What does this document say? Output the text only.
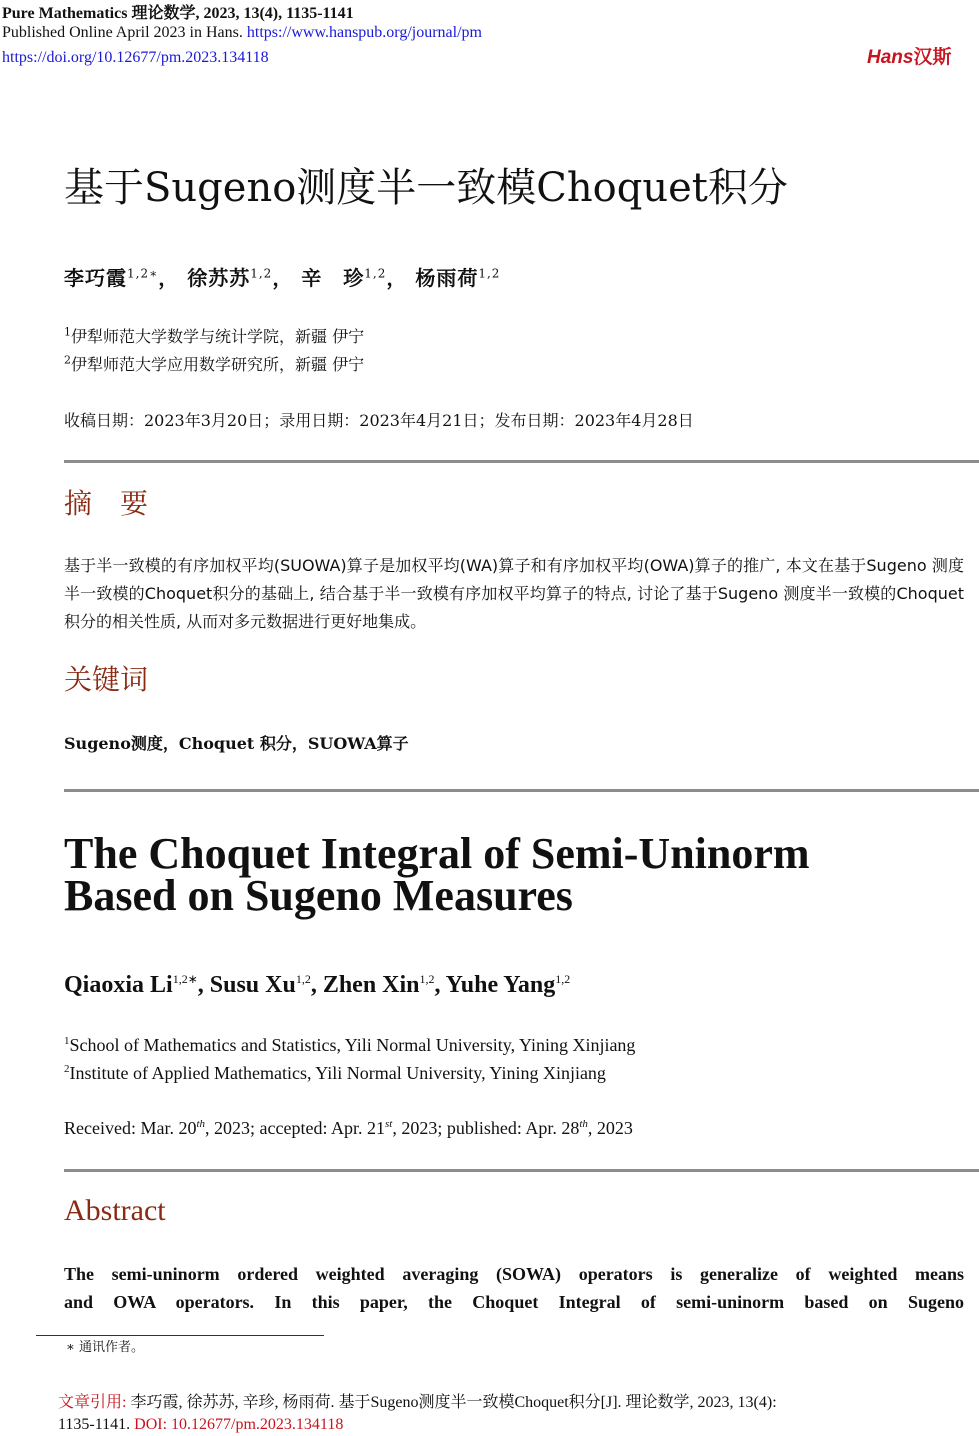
Pure Mathematics 理论数学, 2023, 13(4), 1135-1141
Published Online April 2023 in Hans. https://www.hanspub.org/journal/pm
https://doi.org/10.12677/pm.2023.134118	Hans汉斯
基于Sugeno测度半一致模Choquet积分
李巧霞$^{1,2∗}$， 徐苏苏$^{1,2}$， 辛　珍$^{1,2}$， 杨雨荷$^{1,2}$
$^1$伊犁师范大学数学与统计学院，新疆 伊宁
$^2$伊犁师范大学应用数学研究所，新疆 伊宁
收稿日期：2023年3月20日；录用日期：2023年4月21日；发布日期：2023年4月28日
摘　要
基于半一致模的有序加权平均(SUOWA)算子是加权平均(WA)算子和有序加权平均(OWA)算子的推广, 本文在基于Sugeno 测度半一致模的Choquet积分的基础上, 结合基于半一致模有序加权平均算子的特点, 讨论了基于Sugeno 测度半一致模的Choquet积分的相关性质, 从而对多元数据进行更好地集成。
关键词
Sugeno测度，Choquet 积分，SUOWA算子
The Choquet Integral of Semi-Uninorm
Based on Sugeno Measures
Qiaoxia $Li^{1,2∗}$, Susu Xu$^{1,2}$, Zhen Xin$^{1,2}$, Yuhe Yang$^{1,2}$
$^1$School of Mathematics and Statistics, Yili Normal University, Yining Xinjiang
$^2$Institute of Applied Mathematics, Yili Normal University, Yining Xinjiang
Received: Mar. 20th, 2023; accepted: Apr. 21st, 2023; published: Apr. 28th, 2023
Abstract
The semi-uninorm ordered weighted averaging (SOWA) operators is generalize of weighted means
and OWA operators. In this paper, the Choquet Integral of semi-uninorm based on Sugeno
∗ 通讯作者。
文章引用: 李巧霞, 徐苏苏, 辛珍, 杨雨荷. 基于Sugeno测度半一致模Choquet积分[J]. 理论数学, 2023, 13(4):
1135-1141. DOI: 10.12677/pm.2023.134118
